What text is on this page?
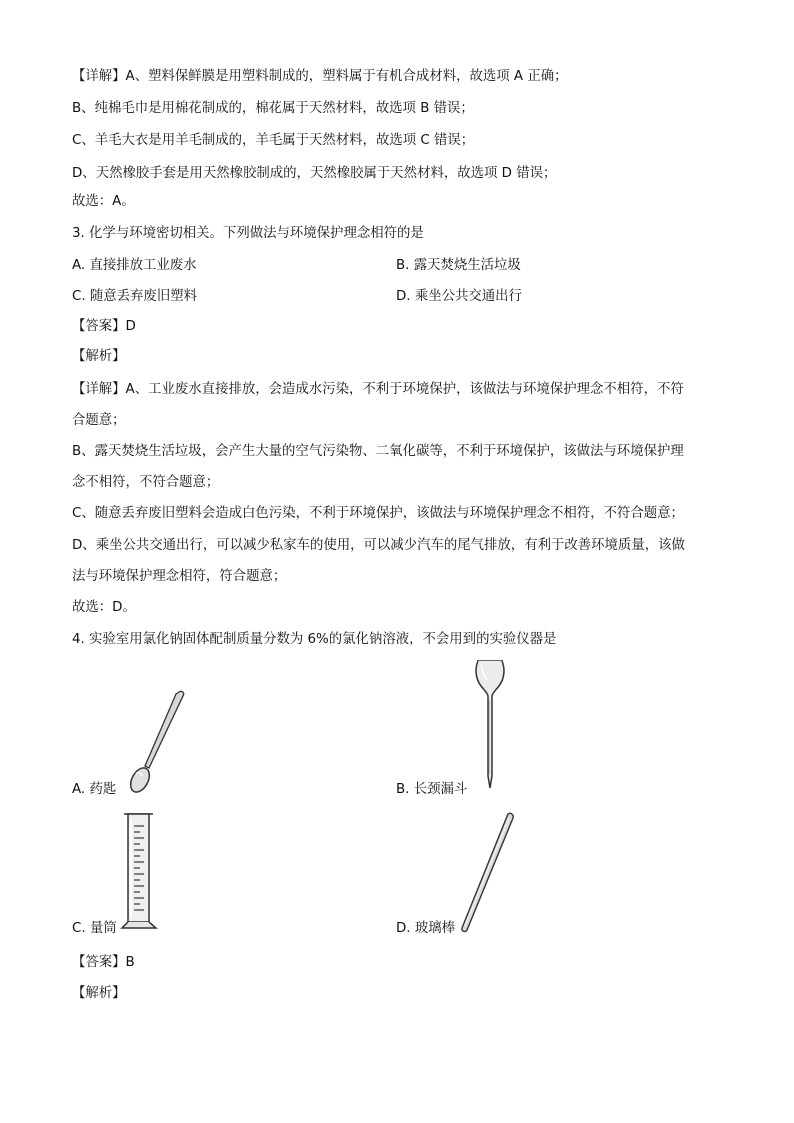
【详解】A、塑料保鲜膜是用塑料制成的，塑料属于有机合成材料，故选项 A 正确；
B、纯棉毛巾是用棉花制成的，棉花属于天然材料，故选项 B 错误；
C、羊毛大衣是用羊毛制成的，羊毛属于天然材料，故选项 C 错误；
D、天然橡胶手套是用天然橡胶制成的，天然橡胶属于天然材料，故选项 D 错误；
故选：A。
3. 化学与环境密切相关。下列做法与环境保护理念相符的是
A. 直接排放工业废水	B. 露天焚烧生活垃圾
C. 随意丢弃废旧塑料	D. 乘坐公共交通出行
【答案】D
【解析】
【详解】A、工业废水直接排放，会造成水污染，不利于环境保护，该做法与环境保护理念不相符，不符
合题意；
B、露天焚烧生活垃圾，会产生大量的空气污染物、二氧化碳等，不利于环境保护，该做法与环境保护理
念不相符，不符合题意；
C、随意丢弃废旧塑料会造成白色污染，不利于环境保护，该做法与环境保护理念不相符，不符合题意；
D、乘坐公共交通出行，可以减少私家车的使用，可以减少汽车的尾气排放，有利于改善环境质量，该做
法与环境保护理念相符，符合题意；
故选：D。
4. 实验室用氯化钠固体配制质量分数为 6%的氯化钠溶液，不会用到的实验仪器是
A. 药匙	B. 长颈漏斗
C. 量筒	D. 玻璃棒
【答案】B
【解析】
